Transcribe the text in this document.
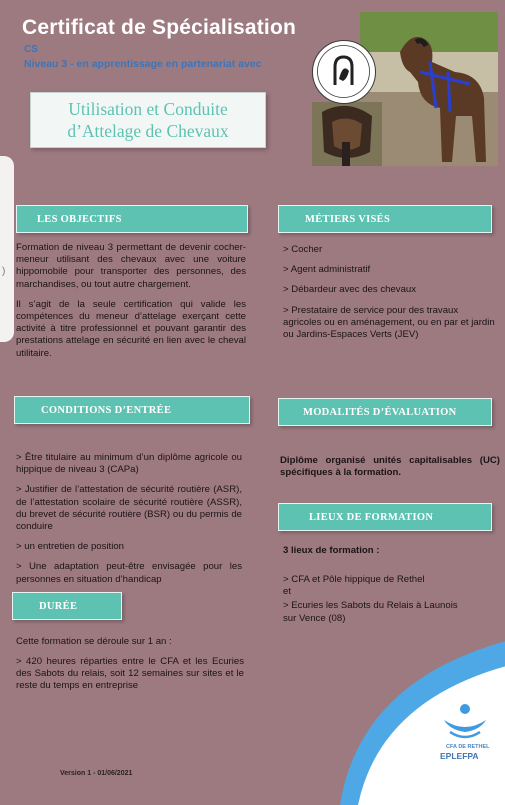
)
Certificat de Spécialisation
CS
Niveau 3 - en apprentissage en partenariat avec
Utilisation et Conduite
d’Attelage de Chevaux
LES OBJECTIFS

Formation de niveau 3 permettant de devenir cocher-meneur utilisant des chevaux avec une voiture hippomobile pour transporter des personnes, des marchandises, ou tout autre chargement.

Il s’agit de la seule certification qui valide les compétences du meneur d’attelage exerçant cette activité à titre professionnel et pouvant garantir des prestations attelage en sécurité en lien avec le cheval utilitaire.

MÉTIERS VISÉS

> Cocher

> Agent administratif

> Débardeur avec des chevaux

> Prestataire de service pour des travaux agricoles ou en aménagement, ou en par et jardin ou Jardins-Espaces Verts (JEV)

CONDITIONS D’ENTRÉE

> Être titulaire au minimum d’un diplôme agricole ou hippique de niveau 3 (CAPa)

> Justifier de l’attestation de sécurité routière (ASR), de l’attestation scolaire de sécurité routière (ASSR), du brevet de sécurité routière (BSR) ou du permis de conduire

> un entretien de position

> Une adaptation peut-être envisagée pour les personnes en situation d’handicap

MODALITÉS D’ÉVALUATION
Diplôme organisé unités capitalisables (UC) spécifiques à la formation.
LIEUX DE FORMATION
3 lieux de formation :
> CFA et Pôle hippique de Rethel
et
> Ecuries les Sabots du Relais à Launois sur Vence (08)
DURÉE
Cette formation se déroule sur 1 an :
> 420 heures réparties entre le CFA et les Ecuries des Sabots du relais, soit 12 semaines sur sites et le reste du temps en entreprise
CFA DE RETHEL
EPLEFPA
Version 1 - 01/06/2021
